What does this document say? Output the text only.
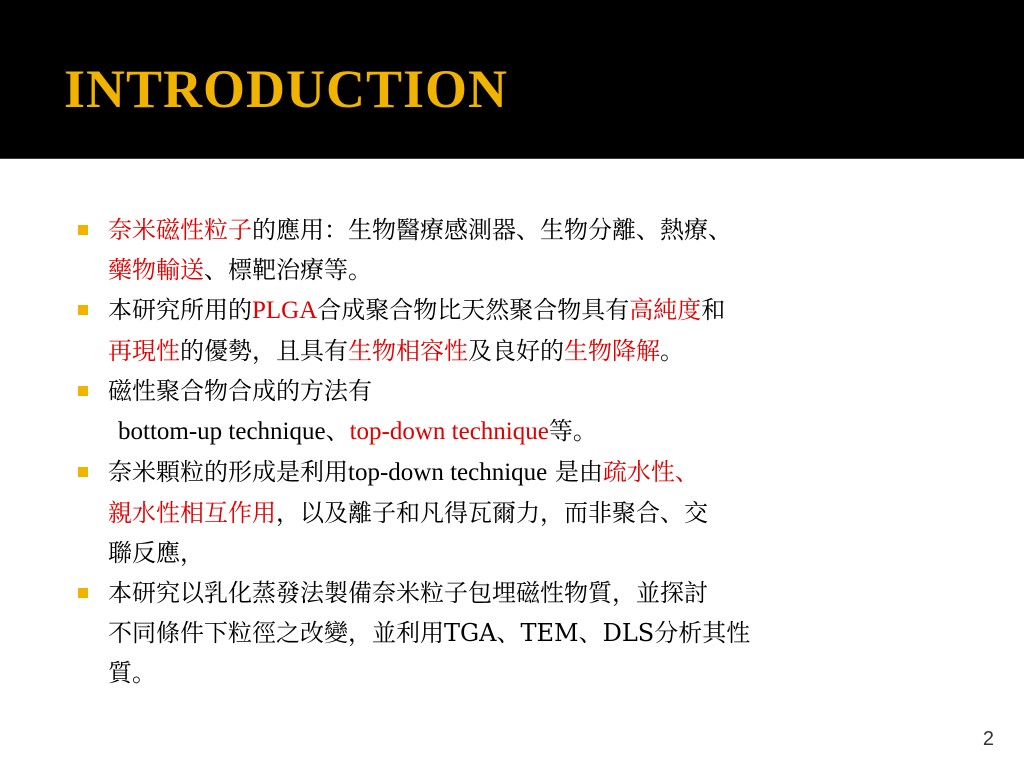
INTRODUCTION
奈米磁性粒子的應用：生物醫療感測器、生物分離、熱療、
藥物輸送、標靶治療等。
本研究所用的PLGA合成聚合物比天然聚合物具有高純度和
再現性的優勢，且具有生物相容性及良好的生物降解。
磁性聚合物合成的方法有
bottom-up technique、top-down technique等。
奈米顆粒的形成是利用top-down technique 是由疏水性、
親水性相互作用，以及離子和凡得瓦爾力，而非聚合、交
聯反應，
本研究以乳化蒸發法製備奈米粒子包埋磁性物質，並探討
不同條件下粒徑之改變，並利用TGA、TEM、DLS分析其性
質。
2
